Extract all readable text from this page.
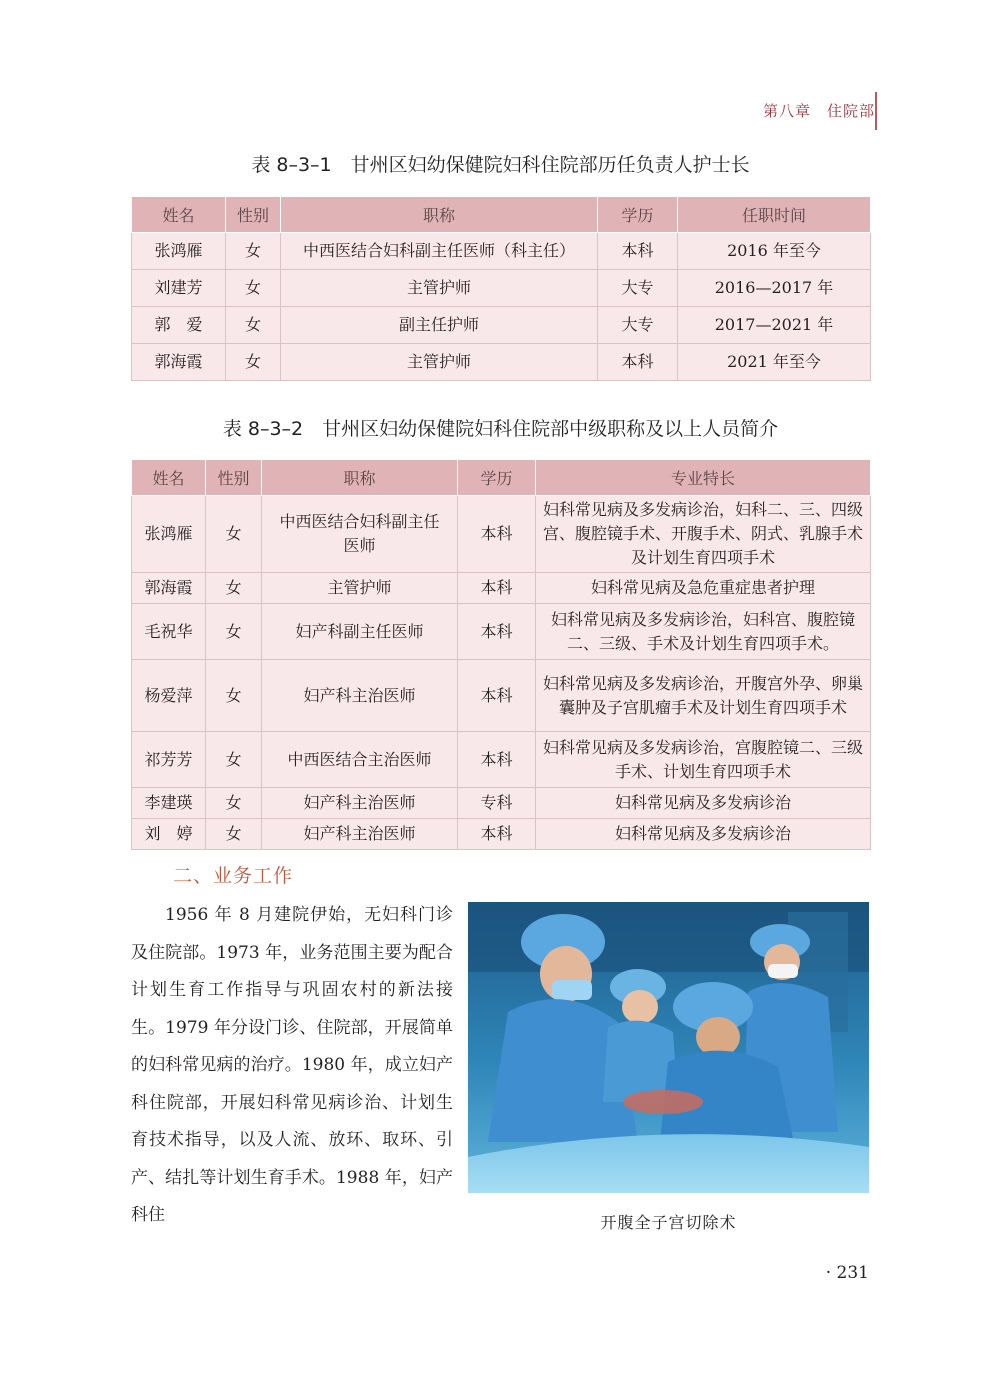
第八章　住院部
表 8–3–1　甘州区妇幼保健院妇科住院部历任负责人护士长
姓名	性别	职称	学历	任职时间
张鸿雁	女	中西医结合妇科副主任医师（科主任）	本科	2016 年至今
刘建芳	女	主管护师	大专	2016—2017 年
郭　爱	女	副主任护师	大专	2017—2021 年
郭海霞	女	主管护师	本科	2021 年至今
表 8–3–2　甘州区妇幼保健院妇科住院部中级职称及以上人员简介
姓名	性别	职称	学历	专业特长
张鸿雁	女	中西医结合妇科副主任医师	本科	妇科常见病及多发病诊治，妇科二、三、四级宫、腹腔镜手术、开腹手术、阴式、乳腺手术及计划生育四项手术
郭海霞	女	主管护师	本科	妇科常见病及急危重症患者护理
毛祝华	女	妇产科副主任医师	本科	妇科常见病及多发病诊治，妇科宫、腹腔镜二、三级、手术及计划生育四项手术。
杨爱萍	女	妇产科主治医师	本科	妇科常见病及多发病诊治，开腹宫外孕、卵巢囊肿及子宫肌瘤手术及计划生育四项手术
祁芳芳	女	中西医结合主治医师	本科	妇科常见病及多发病诊治，宫腹腔镜二、三级手术、计划生育四项手术
李建瑛	女	妇产科主治医师	专科	妇科常见病及多发病诊治
刘　婷	女	妇产科主治医师	本科	妇科常见病及多发病诊治
二、业务工作
1956 年 8 月建院伊始，无妇科门诊及住院部。1973 年，业务范围主要为配合计划生育工作指导与巩固农村的新法接生。1979 年分设门诊、住院部，开展简单的妇科常见病的治疗。1980 年，成立妇产科住院部，开展妇科常见病诊治、计划生育技术指导，以及人流、放环、取环、引产、结扎等计划生育手术。1988 年，妇产科住	开腹全子宫切除术
· 231
